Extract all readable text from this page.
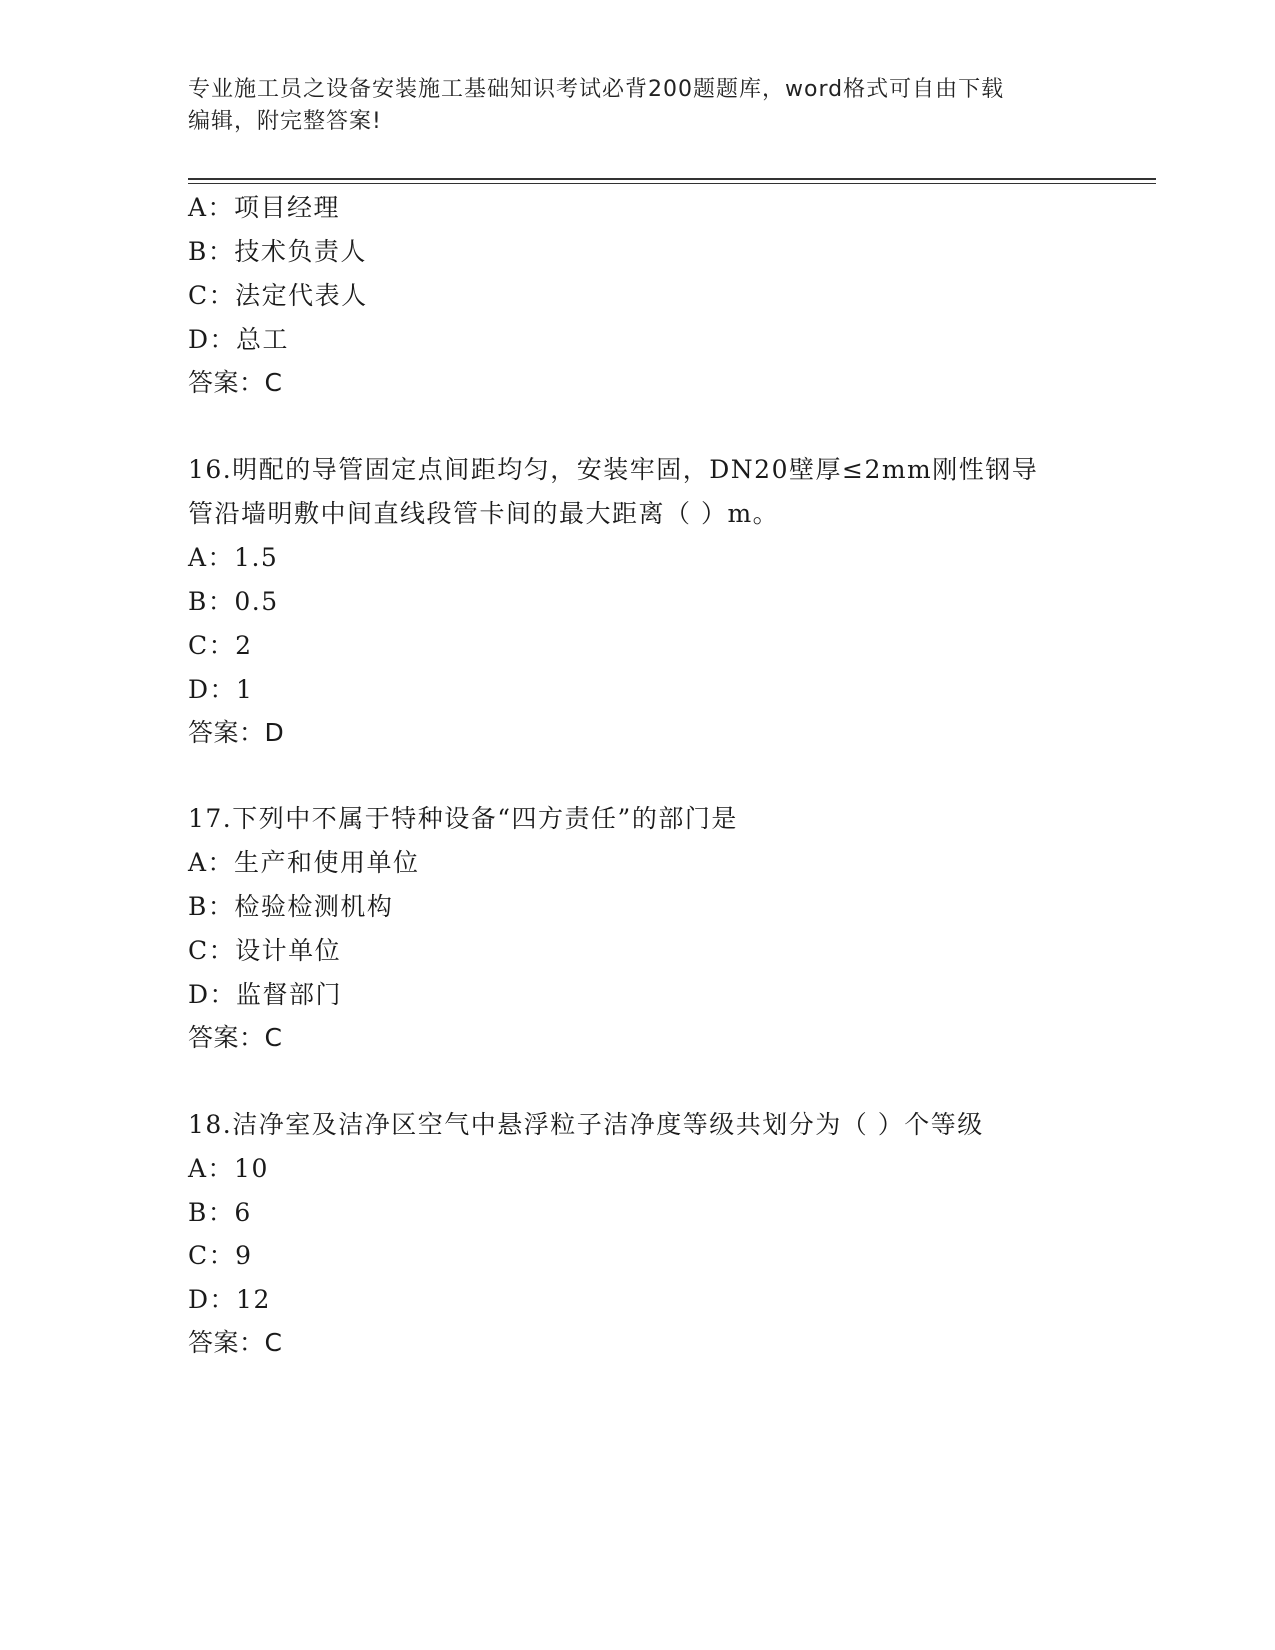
专业施工员之设备安装施工基础知识考试必背200题题库，word格式可自由下载
编辑，附完整答案!
A：项目经理
B：技术负责人
C：法定代表人
D：总工
答案：C
16.明配的导管固定点间距均匀，安装牢固，DN20壁厚≤2mm刚性钢导
管沿墙明敷中间直线段管卡间的最大距离（ ）m。
A：1.5
B：0.5
C：2
D：1
答案：D
17.下列中不属于特种设备“四方责任”的部门是
A：生产和使用单位
B：检验检测机构
C：设计单位
D：监督部门
答案：C
18.洁净室及洁净区空气中悬浮粒子洁净度等级共划分为（ ）个等级
A：10
B：6
C：9
D：12
答案：C
